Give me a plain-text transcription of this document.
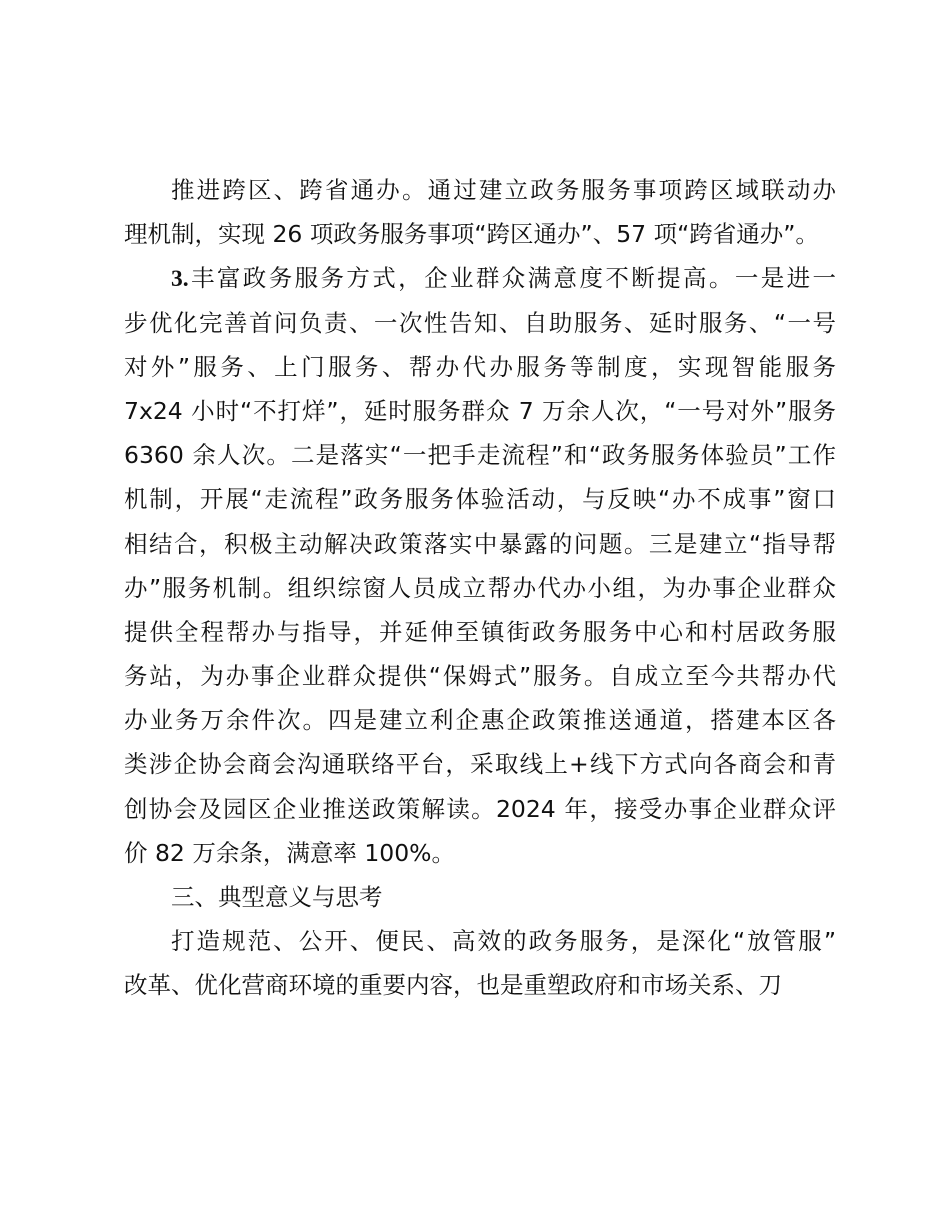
推进跨区、跨省通办。通过建立政务服务事项跨区域联动办
理机制，实现 26 项政务服务事项“跨区通办”、57 项“跨省通办”。
3.丰富政务服务方式，企业群众满意度不断提高。一是进一
步优化完善首问负责、一次性告知、自助服务、延时服务、“一号
对外”服务、上门服务、帮办代办服务等制度，实现智能服务
7x24 小时“不打烊”，延时服务群众 7 万余人次，“一号对外”服务
6360 余人次。二是落实“一把手走流程”和“政务服务体验员”工作
机制，开展“走流程”政务服务体验活动，与反映“办不成事”窗口
相结合，积极主动解决政策落实中暴露的问题。三是建立“指导帮
办”服务机制。组织综窗人员成立帮办代办小组，为办事企业群众
提供全程帮办与指导，并延伸至镇街政务服务中心和村居政务服
务站，为办事企业群众提供“保姆式”服务。自成立至今共帮办代
办业务万余件次。四是建立利企惠企政策推送通道，搭建本区各
类涉企协会商会沟通联络平台，采取线上+线下方式向各商会和青
创协会及园区企业推送政策解读。2024 年，接受办事企业群众评
价 82 万余条，满意率 100%。
三、典型意义与思考
打造规范、公开、便民、高效的政务服务，是深化“放管服”
改革、优化营商环境的重要内容，也是重塑政府和市场关系、刀
